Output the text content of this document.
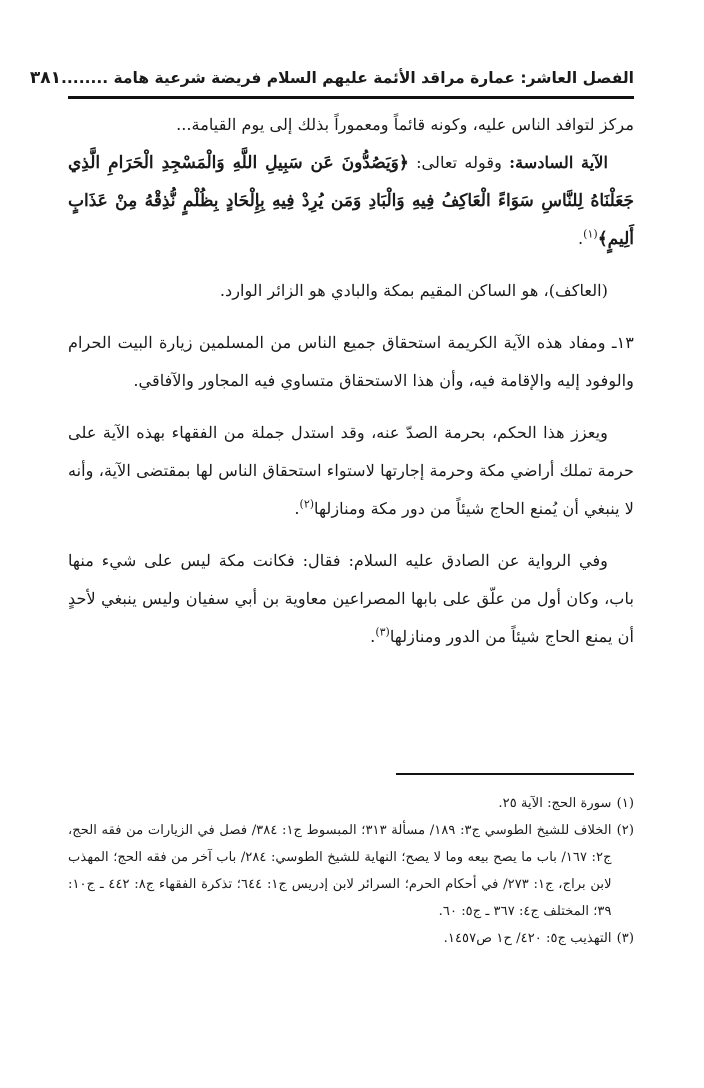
الفصل العاشر: عمارة مراقد الأئمة عليهم السلام فريضة شرعية هامة ........
٣٨١

مركز لتوافد الناس عليه، وكونه قائماً ومعموراً بذلك إلى يوم القيامة...

الآية السادسة: وقوله تعالى: ﴿وَيَصُدُّونَ عَن سَبِيلِ اللَّهِ وَالْمَسْجِدِ الْحَرَامِ الَّذِي جَعَلْنَاهُ لِلنَّاسِ سَوَاءً الْعَاكِفُ فِيهِ وَالْبَادِ وَمَن يُرِدْ فِيهِ بِإِلْحَادٍ بِظُلْمٍ نُّذِقْهُ مِنْ عَذَابٍ أَلِيمٍ﴾$^{(١)}$.

(العاكف)، هو الساكن المقيم بمكة والبادي هو الزائر الوارد.

١٣ـ ومفاد هذه الآية الكريمة استحقاق جميع الناس من المسلمين زيارة البيت الحرام والوفود إليه والإقامة فيه، وأن هذا الاستحقاق متساوي فيه المجاور والآفاقي.

ويعزز هذا الحكم، بحرمة الصدّ عنه، وقد استدل جملة من الفقهاء بهذه الآية على حرمة تملك أراضي مكة وحرمة إجارتها لاستواء استحقاق الناس لها بمقتضى الآية، وأنه لا ينبغي أن يُمنع الحاج شيئاً من دور مكة ومنازلها$^{(٢)}$.

وفي الرواية عن الصادق عليه السلام: فقال: فكانت مكة ليس على شيء منها باب، وكان أول من علّق على بابها المصراعين معاوية بن أبي سفيان وليس ينبغي لأحدٍ أن يمنع الحاج شيئاً من الدور ومنازلها$^{(٣)}$.

(١)
سورة الحج: الآية ٢٥.
(٢)
الخلاف للشيخ الطوسي ج٣: ١٨٩/ مسألة ٣١٣؛ المبسوط ج١: ٣٨٤/ فصل في الزيارات من فقه الحج، ج٢: ١٦٧/ باب ما يصح بيعه وما لا يصح؛ النهاية للشيخ الطوسي: ٢٨٤/ باب آخر من فقه الحج؛ المهذب لابن براج، ج١: ٢٧٣/ في أحكام الحرم؛ السرائر لابن إدريس ج١: ٦٤٤؛ تذكرة الفقهاء ج٨: ٤٤٢ ـ ج١٠: ٣٩؛ المختلف ج٤: ٣٦٧ ـ ج٥: ٦٠.
(٣)
التهذيب ج٥: ٤٢٠/ ح١ ص١٤٥٧.
